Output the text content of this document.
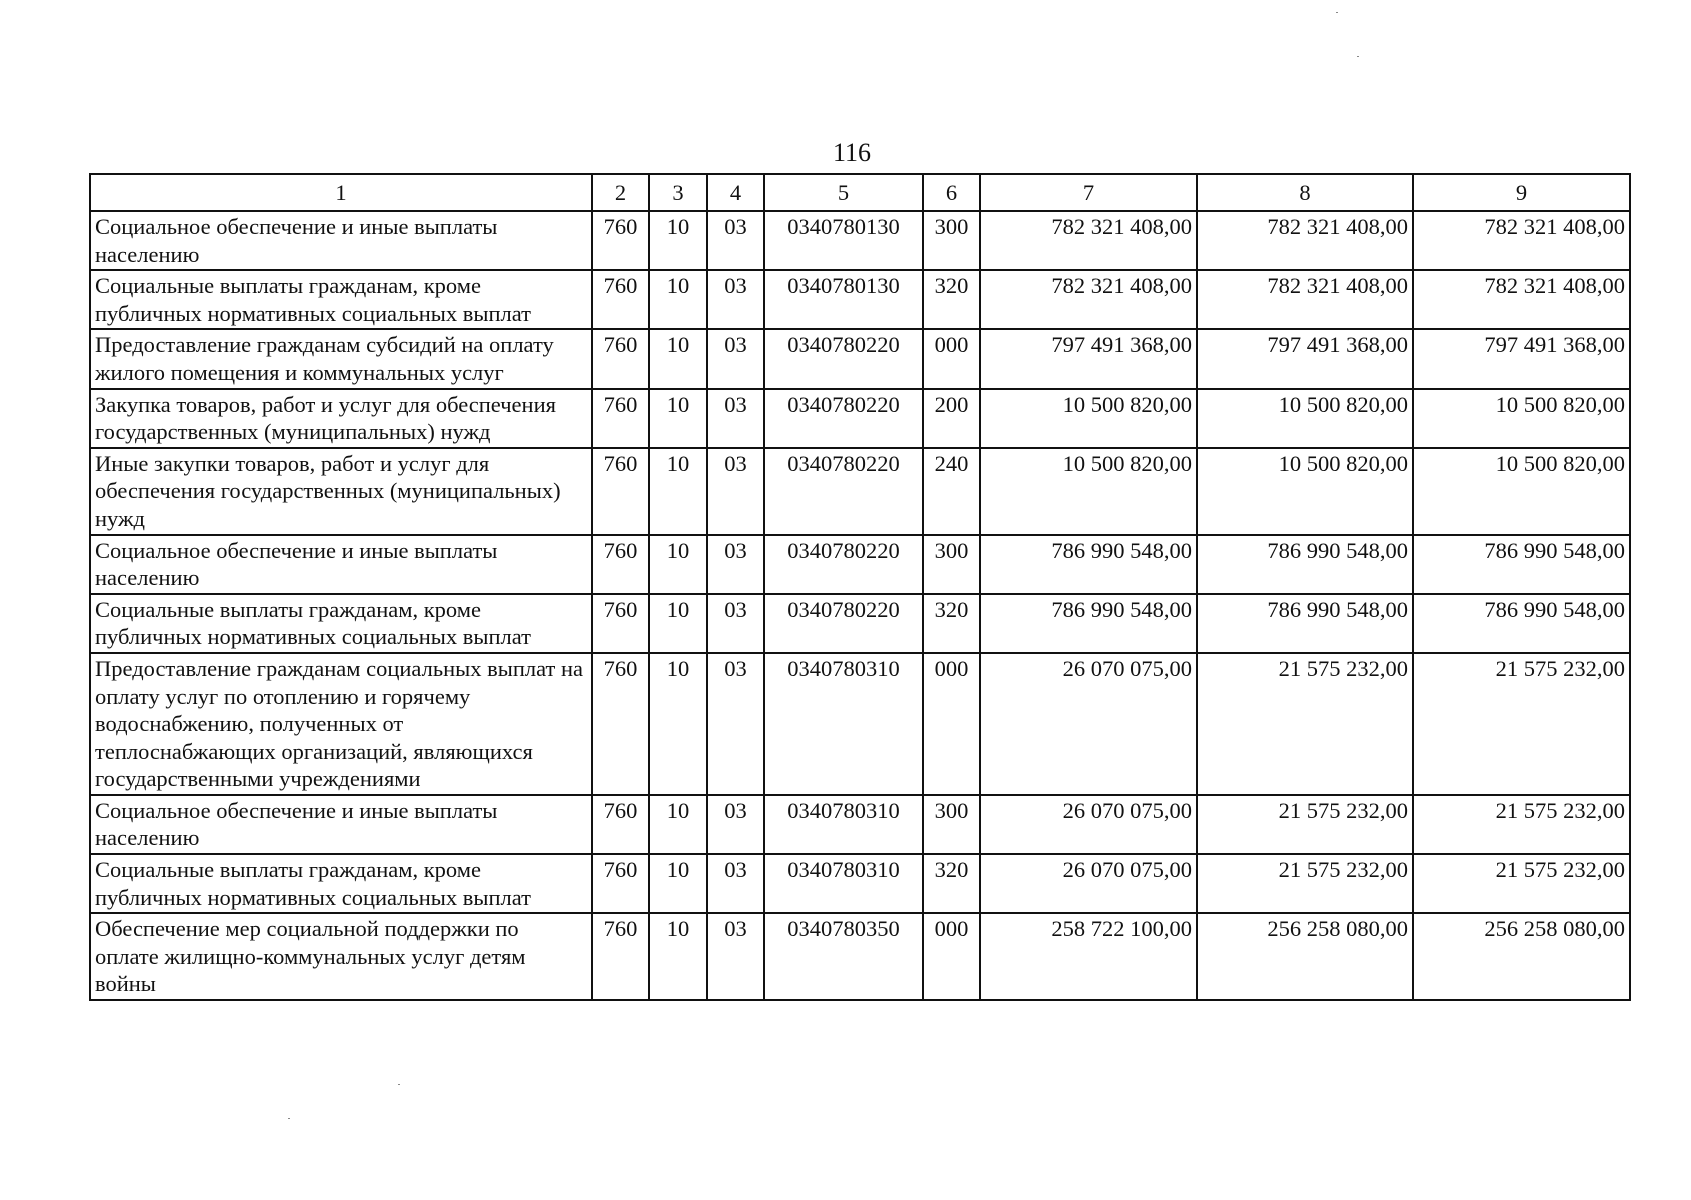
116
1	2	3	4	5	6	7	8	9
Социальное обеспечение и иные выплаты населению	760	10	03	0340780130	300	782 321 408,00	782 321 408,00	782 321 408,00
Социальные выплаты гражданам, кроме публичных нормативных социальных выплат	760	10	03	0340780130	320	782 321 408,00	782 321 408,00	782 321 408,00
Предоставление гражданам субсидий на оплату жилого помещения и коммунальных услуг	760	10	03	0340780220	000	797 491 368,00	797 491 368,00	797 491 368,00
Закупка товаров, работ и услуг для обеспечения государственных (муниципальных) нужд	760	10	03	0340780220	200	10 500 820,00	10 500 820,00	10 500 820,00
Иные закупки товаров, работ и услуг для обеспечения государственных (муниципальных) нужд	760	10	03	0340780220	240	10 500 820,00	10 500 820,00	10 500 820,00
Социальное обеспечение и иные выплаты населению	760	10	03	0340780220	300	786 990 548,00	786 990 548,00	786 990 548,00
Социальные выплаты гражданам, кроме публичных нормативных социальных выплат	760	10	03	0340780220	320	786 990 548,00	786 990 548,00	786 990 548,00
Предоставление гражданам социальных выплат на оплату услуг по отоплению и горячему водоснабжению, полученных от теплоснабжающих организаций, являющихся государственными учреждениями	760	10	03	0340780310	000	26 070 075,00	21 575 232,00	21 575 232,00
Социальное обеспечение и иные выплаты населению	760	10	03	0340780310	300	26 070 075,00	21 575 232,00	21 575 232,00
Социальные выплаты гражданам, кроме публичных нормативных социальных выплат	760	10	03	0340780310	320	26 070 075,00	21 575 232,00	21 575 232,00
Обеспечение мер социальной поддержки по оплате жилищно-коммунальных услуг детям войны	760	10	03	0340780350	000	258 722 100,00	256 258 080,00	256 258 080,00
